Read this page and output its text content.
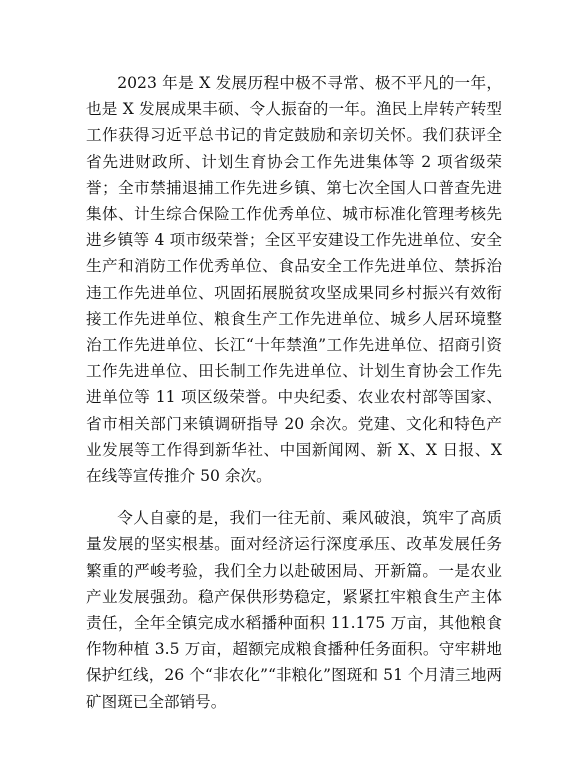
2023 年是 X 发展历程中极不寻常、极不平凡的一年，也是 X 发展成果丰硕、令人振奋的一年。渔民上岸转产转型工作获得习近平总书记的肯定鼓励和亲切关怀。我们获评全省先进财政所、计划生育协会工作先进集体等 2 项省级荣誉；全市禁捕退捕工作先进乡镇、第七次全国人口普查先进集体、计生综合保险工作优秀单位、城市标准化管理考核先进乡镇等 4 项市级荣誉；全区平安建设工作先进单位、安全生产和消防工作优秀单位、食品安全工作先进单位、禁拆治违工作先进单位、巩固拓展脱贫攻坚成果同乡村振兴有效衔接工作先进单位、粮食生产工作先进单位、城乡人居环境整治工作先进单位、长江“十年禁渔”工作先进单位、招商引资工作先进单位、田长制工作先进单位、计划生育协会工作先进单位等 11 项区级荣誉。中央纪委、农业农村部等国家、省市相关部门来镇调研指导 20 余次。党建、文化和特色产业发展等工作得到新华社、中国新闻网、新 X、X 日报、X 在线等宣传推介 50 余次。

令人自豪的是，我们一往无前、乘风破浪，筑牢了高质量发展的坚实根基。面对经济运行深度承压、改革发展任务繁重的严峻考验，我们全力以赴破困局、开新篇。一是农业产业发展强劲。稳产保供形势稳定，紧紧扛牢粮食生产主体责任，全年全镇完成水稻播种面积 11.175 万亩，其他粮食作物种植 3.5 万亩，超额完成粮食播种任务面积。守牢耕地保护红线，26 个“非农化”“非粮化”图斑和 51 个月清三地两矿图斑已全部销号。
